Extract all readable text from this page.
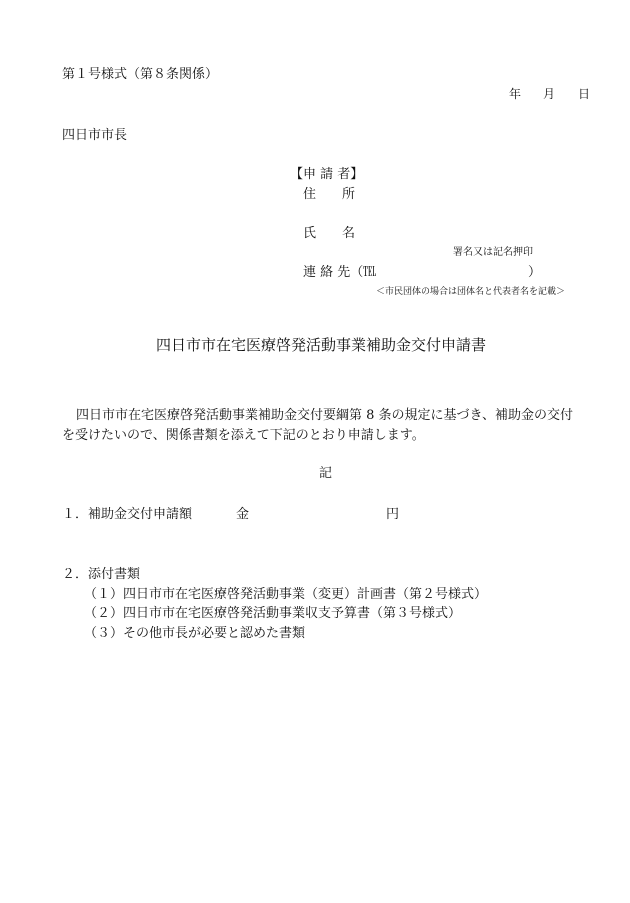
第１号様式（第８条関係）
年 月 日
四日市市長
【申 請 者】
住　　所
氏　　名
署名又は記名押印
連 絡 先（℡	）
＜市民団体の場合は団体名と代表者名を記載＞
四日市市在宅医療啓発活動事業補助金交付申請書
四日市市在宅医療啓発活動事業補助金交付要綱第 8 条の規定に基づき、補助金の交付
を受けたいので、関係書類を添えて下記のとおり申請します。
記
１．補助金交付申請額	金	円
２．添付書類
（１）四日市市在宅医療啓発活動事業（変更）計画書（第２号様式）
（２）四日市市在宅医療啓発活動事業収支予算書（第３号様式）
（３）その他市長が必要と認めた書類
